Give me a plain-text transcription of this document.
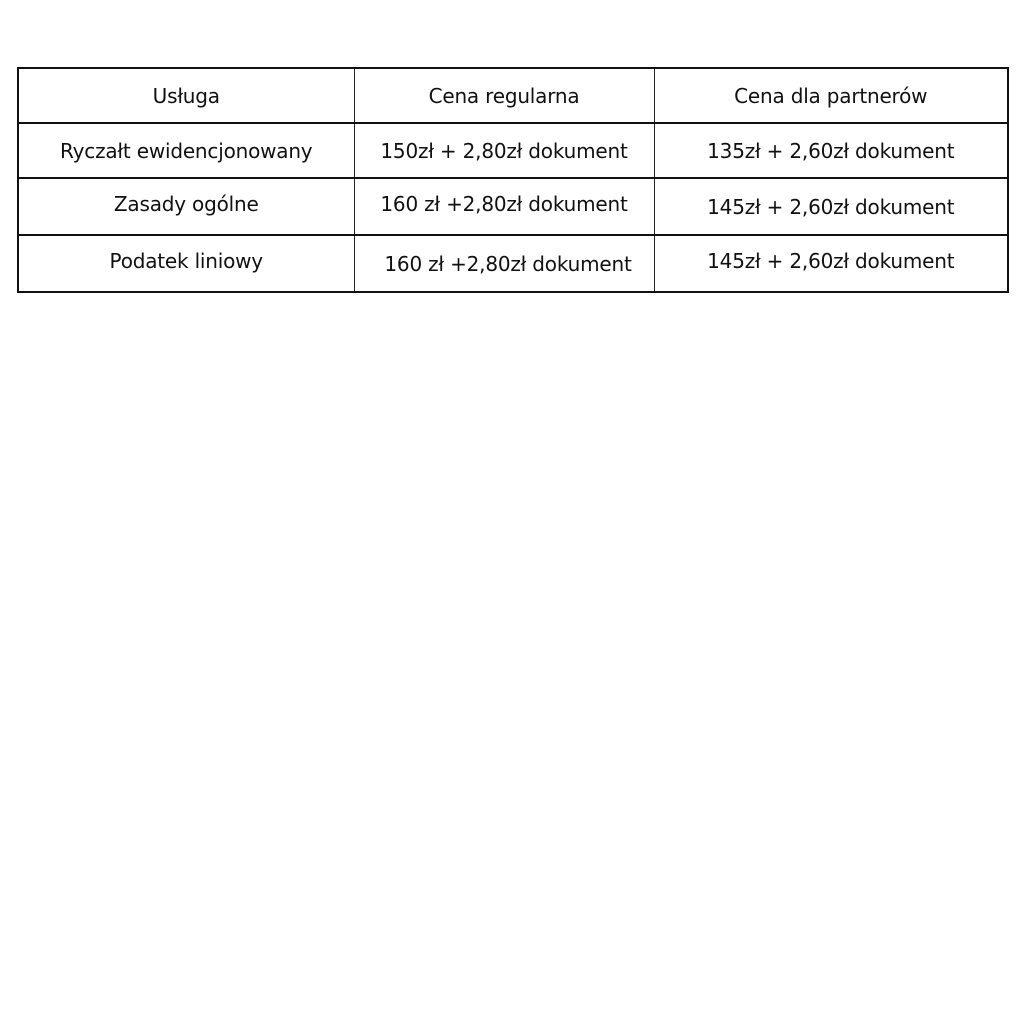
Usługa	Cena regularna	Cena dla partnerów
Ryczałt ewidencjonowany	150zł + 2,80zł dokument	135zł + 2,60zł dokument
Zasady ogólne	160 zł +2,80zł dokument	145zł + 2,60zł dokument
Podatek liniowy	160 zł +2,80zł dokument	145zł + 2,60zł dokument
